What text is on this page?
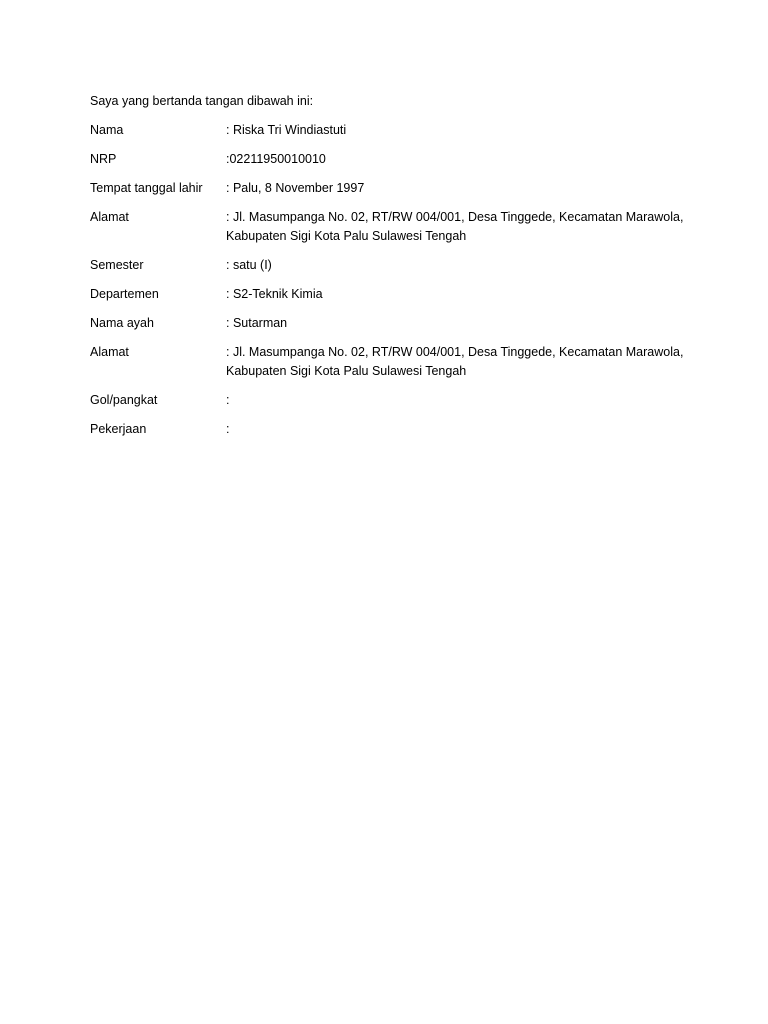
Saya yang bertanda tangan dibawah ini:
Nama	: Riska Tri Windiastuti
NRP	:02211950010010
Tempat tanggal lahir	: Palu, 8 November 1997
Alamat	: Jl. Masumpanga No. 02, RT/RW 004/001, Desa Tinggede, Kecamatan Marawola, Kabupaten Sigi Kota Palu Sulawesi Tengah
Semester	: satu (I)
Departemen	: S2-Teknik Kimia
Nama ayah	: Sutarman
Alamat	: Jl. Masumpanga No. 02, RT/RW 004/001, Desa Tinggede, Kecamatan Marawola, Kabupaten Sigi Kota Palu Sulawesi Tengah
Gol/pangkat	:
Pekerjaan	:
